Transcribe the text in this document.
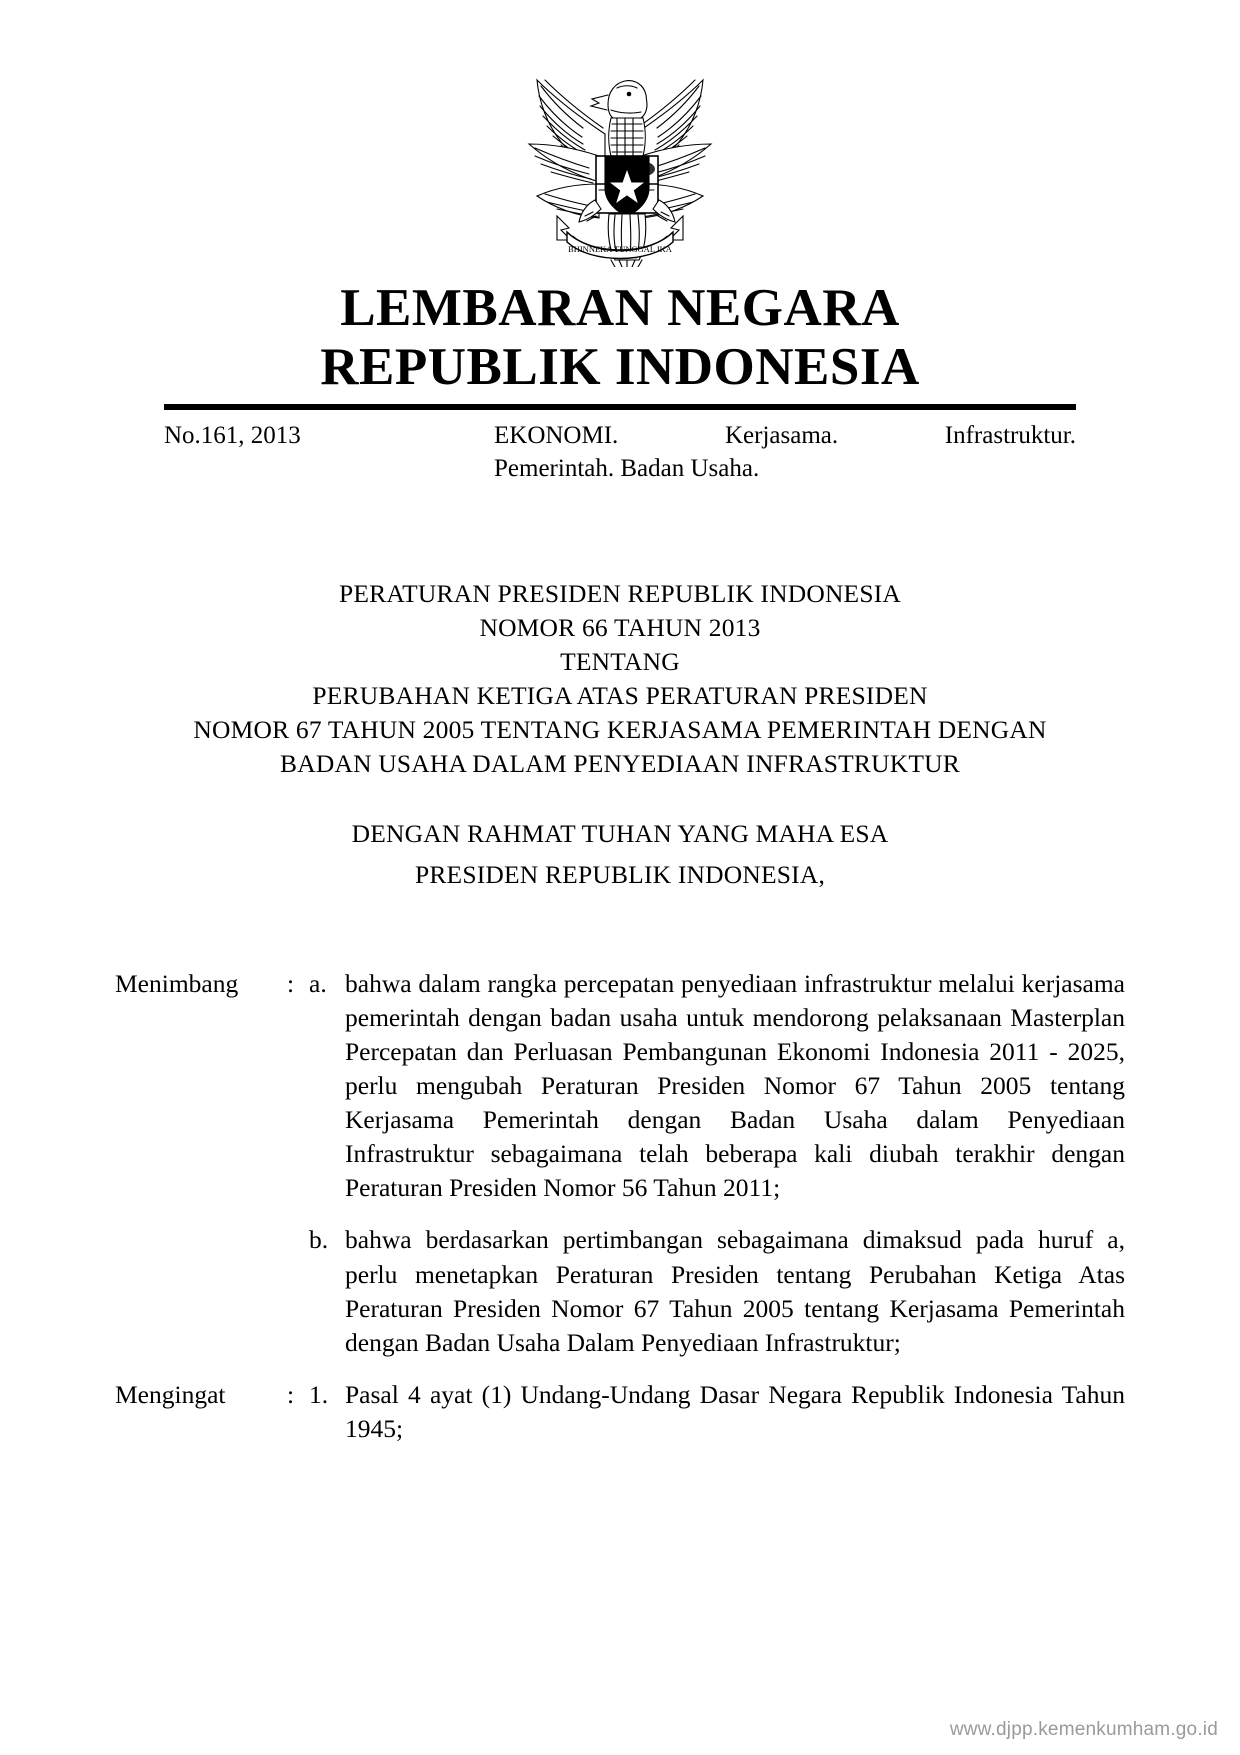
BHINNEKA TUNGGAL IKA
LEMBARAN NEGARA
REPUBLIK INDONESIA
No.161, 2013	EKONOMI. Kerjasama. Infrastruktur.
Pemerintah. Badan Usaha.
PERATURAN PRESIDEN REPUBLIK INDONESIA
NOMOR 66 TAHUN 2013
TENTANG
PERUBAHAN KETIGA ATAS PERATURAN PRESIDEN
NOMOR 67 TAHUN 2005 TENTANG KERJASAMA PEMERINTAH DENGAN
BADAN USAHA DALAM PENYEDIAAN INFRASTRUKTUR
DENGAN RAHMAT TUHAN YANG MAHA ESA
PRESIDEN REPUBLIK INDONESIA,
Menimbang	: a. bahwa dalam rangka percepatan penyediaan infrastruktur melalui kerjasama pemerintah dengan badan usaha untuk mendorong pelaksanaan Masterplan Percepatan dan Perluasan Pembangunan Ekonomi Indonesia 2011 - 2025, perlu mengubah Peraturan Presiden Nomor 67 Tahun 2005 tentang Kerjasama Pemerintah dengan Badan Usaha dalam Penyediaan Infrastruktur sebagaimana telah beberapa kali diubah terakhir dengan Peraturan Presiden Nomor 56 Tahun 2011;
b. bahwa berdasarkan pertimbangan sebagaimana dimaksud pada huruf a, perlu menetapkan Peraturan Presiden tentang Perubahan Ketiga Atas Peraturan Presiden Nomor 67 Tahun 2005 tentang Kerjasama Pemerintah dengan Badan Usaha Dalam Penyediaan Infrastruktur;
Mengingat	: 1. Pasal 4 ayat (1) Undang-Undang Dasar Negara Republik Indonesia Tahun 1945;
www.djpp.kemenkumham.go.id
